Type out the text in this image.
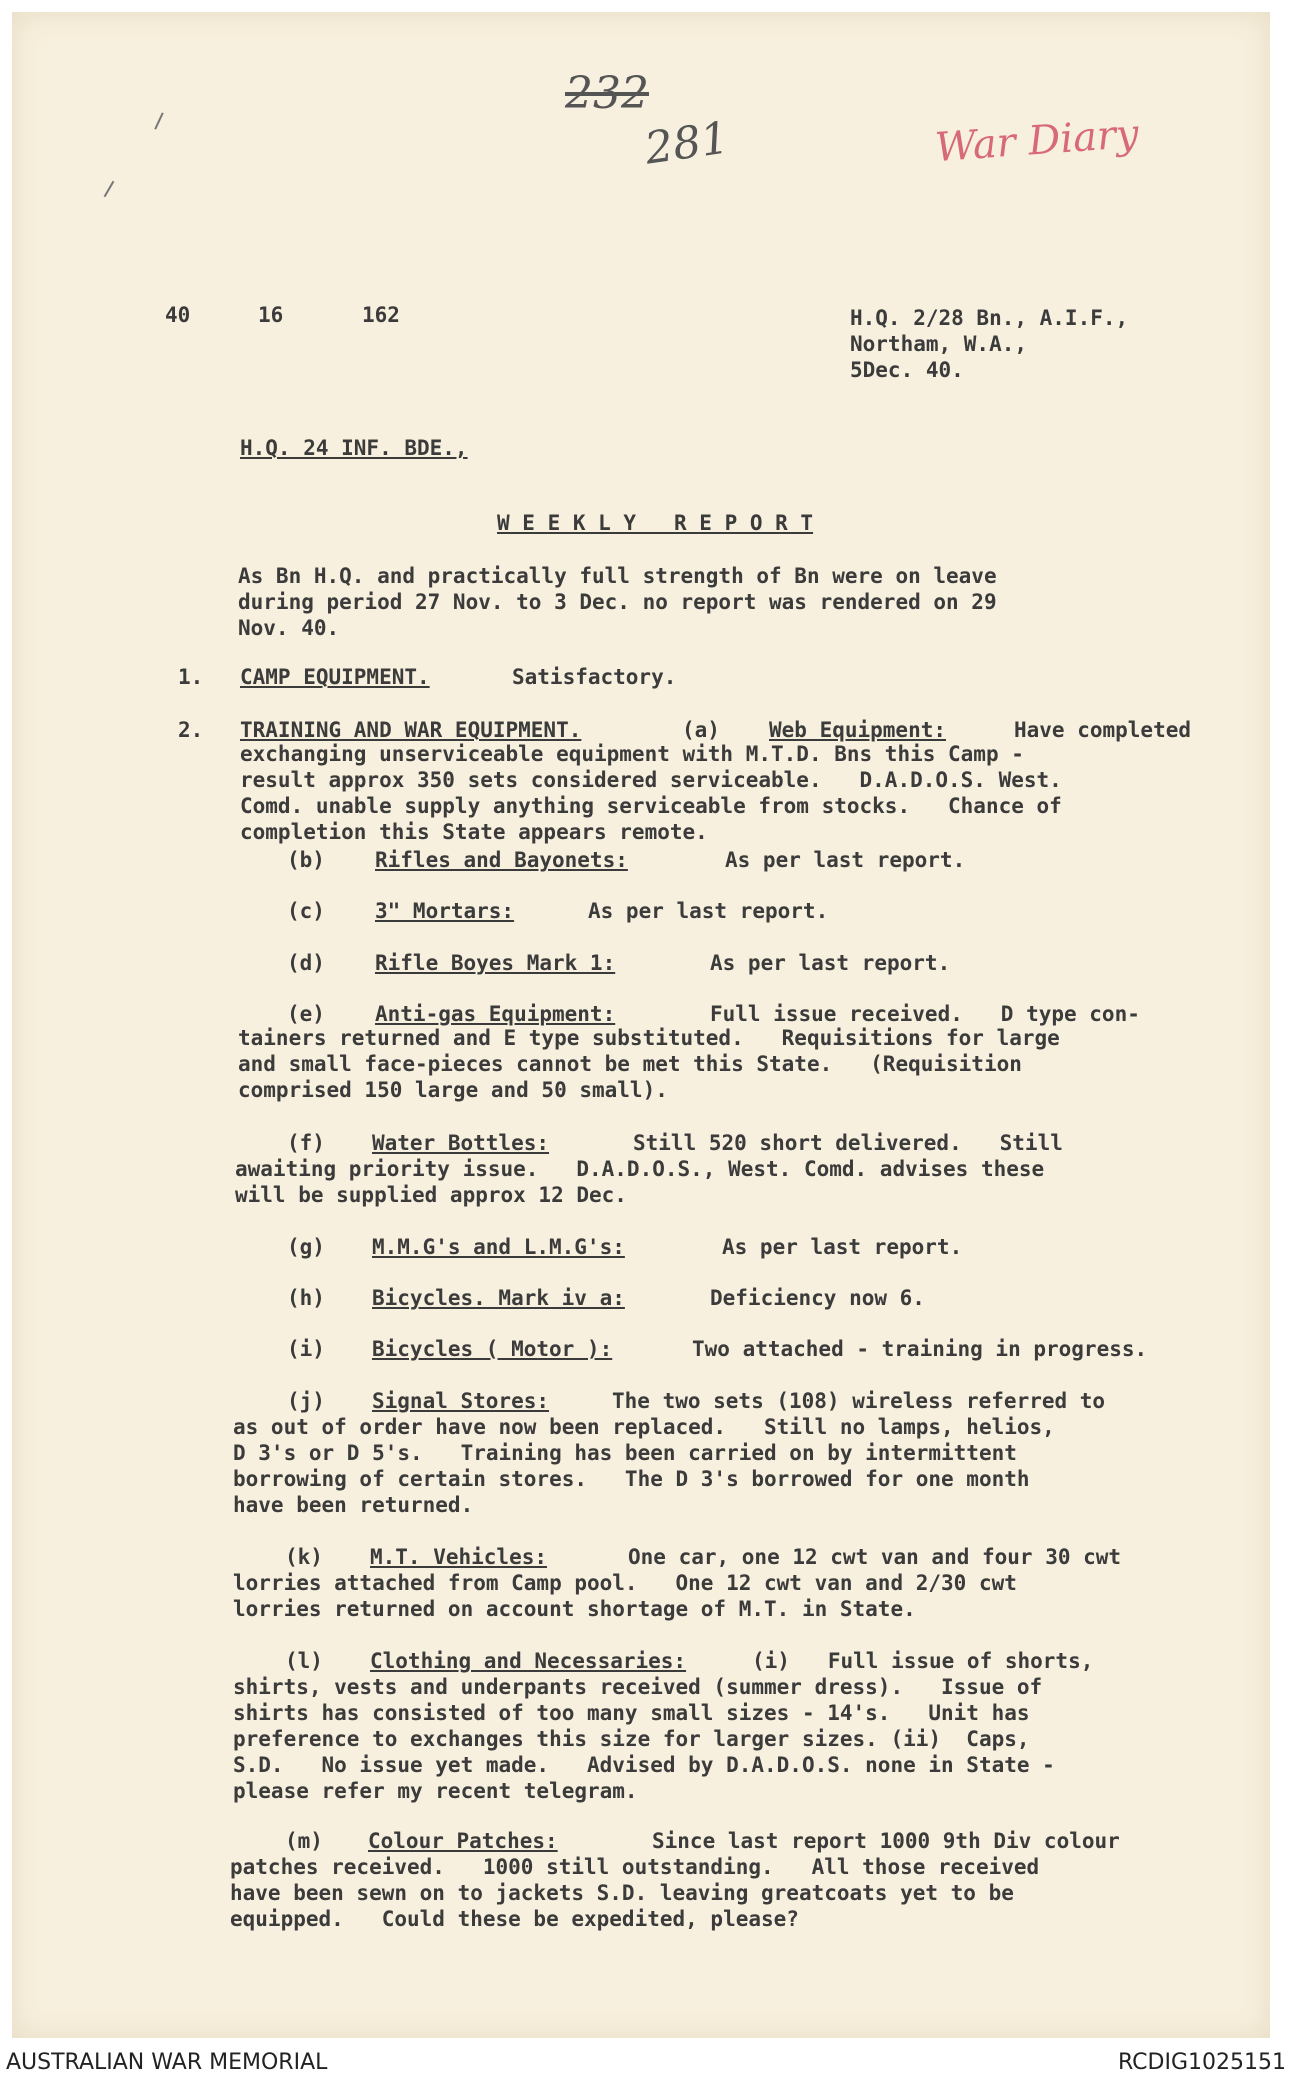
232
281	War Diary
40	16	162	H.Q. 2/28 Bn., A.I.F.,
Northam, W.A.,
5Dec. 40.
H.Q. 24 INF. BDE.,
W E E K L Y   R E P O R T
As Bn H.Q. and practically full strength of Bn were on leave
during period 27 Nov. to 3 Dec. no report was rendered on 29
Nov. 40.
1. CAMP EQUIPMENT.	Satisfactory.
2. TRAINING AND WAR EQUIPMENT.	(a) Web Equipment:	Have completed
exchanging unserviceable equipment with M.T.D. Bns this Camp -
result approx 350 sets considered serviceable.   D.A.D.O.S. West.
Comd. unable supply anything serviceable from stocks.   Chance of
completion this State appears remote.
(b) Rifles and Bayonets:	As per last report.
(c) 3" Mortars:	As per last report.
(d) Rifle Boyes Mark 1:	As per last report.
(e) Anti-gas Equipment:	Full issue received.   D type con-
tainers returned and E type substituted.   Requisitions for large
and small face-pieces cannot be met this State.   (Requisition
comprised 150 large and 50 small).
(f) Water Bottles:	Still 520 short delivered.   Still
awaiting priority issue.   D.A.D.O.S., West. Comd. advises these
will be supplied approx 12 Dec.
(g) M.M.G's and L.M.G's:	As per last report.
(h) Bicycles. Mark iv a:	Deficiency now 6.
(i) Bicycles ( Motor ):	Two attached - training in progress.
(j) Signal Stores:	The two sets (108) wireless referred to
as out of order have now been replaced.   Still no lamps, helios,
D 3's or D 5's.   Training has been carried on by intermittent
borrowing of certain stores.   The D 3's borrowed for one month
have been returned.
(k) M.T. Vehicles:	One car, one 12 cwt van and four 30 cwt
lorries attached from Camp pool.   One 12 cwt van and 2/30 cwt
lorries returned on account shortage of M.T. in State.
(l) Clothing and Necessaries:	(i)   Full issue of shorts,
shirts, vests and underpants received (summer dress).   Issue of
shirts has consisted of too many small sizes - 14's.   Unit has
preference to exchanges this size for larger sizes. (ii)  Caps,
S.D.   No issue yet made.   Advised by D.A.D.O.S. none in State -
please refer my recent telegram.
(m) Colour Patches:	Since last report 1000 9th Div colour
patches received.   1000 still outstanding.   All those received
have been sewn on to jackets S.D. leaving greatcoats yet to be
equipped.   Could these be expedited, please?
AUSTRALIAN WAR MEMORIAL	RCDIG1025151
